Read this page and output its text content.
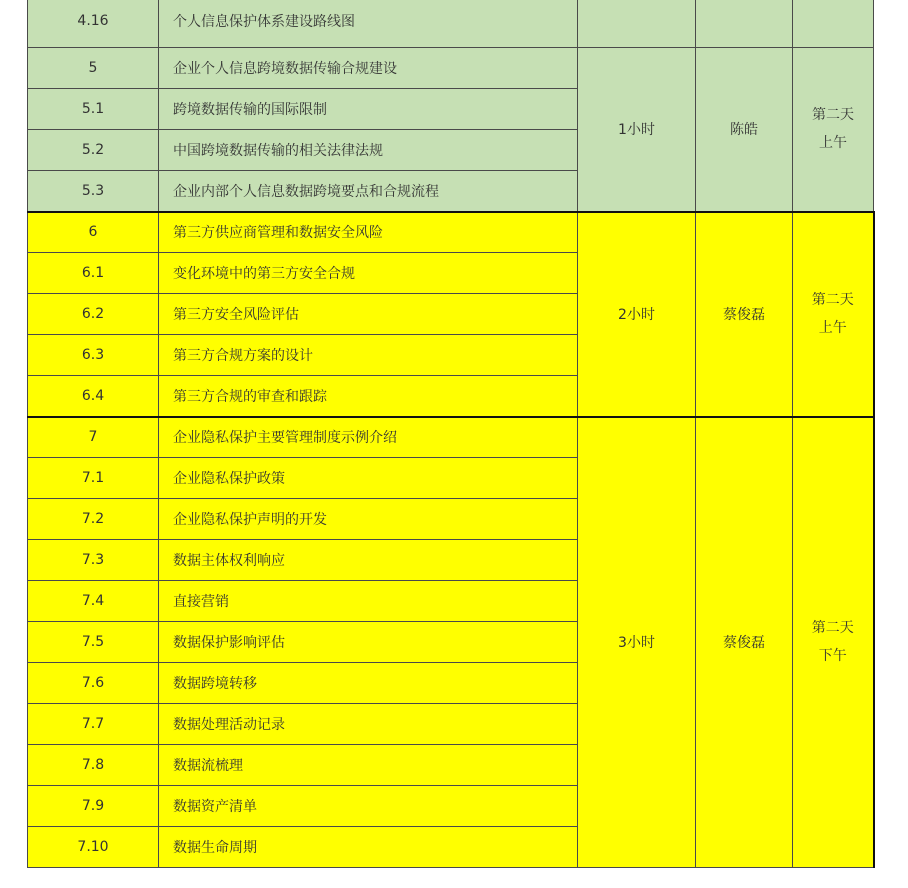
4.16	个人信息保护体系建设路线图			
5	企业个人信息跨境数据传输合规建设	1小时	陈皓	第二天
上午
5.1	跨境数据传输的国际限制			
5.2	中国跨境数据传输的相关法律法规			
5.3	企业内部个人信息数据跨境要点和合规流程			
6	第三方供应商管理和数据安全风险	2小时	蔡俊磊	第二天
上午
6.1	变化环境中的第三方安全合规			
6.2	第三方安全风险评估			
6.3	第三方合规方案的设计			
6.4	第三方合规的审查和跟踪			
7	企业隐私保护主要管理制度示例介绍	3小时	蔡俊磊	第二天
下午
7.1	企业隐私保护政策			
7.2	企业隐私保护声明的开发			
7.3	数据主体权利响应			
7.4	直接营销			
7.5	数据保护影响评估			
7.6	数据跨境转移			
7.7	数据处理活动记录			
7.8	数据流梳理			
7.9	数据资产清单			
7.10	数据生命周期			
